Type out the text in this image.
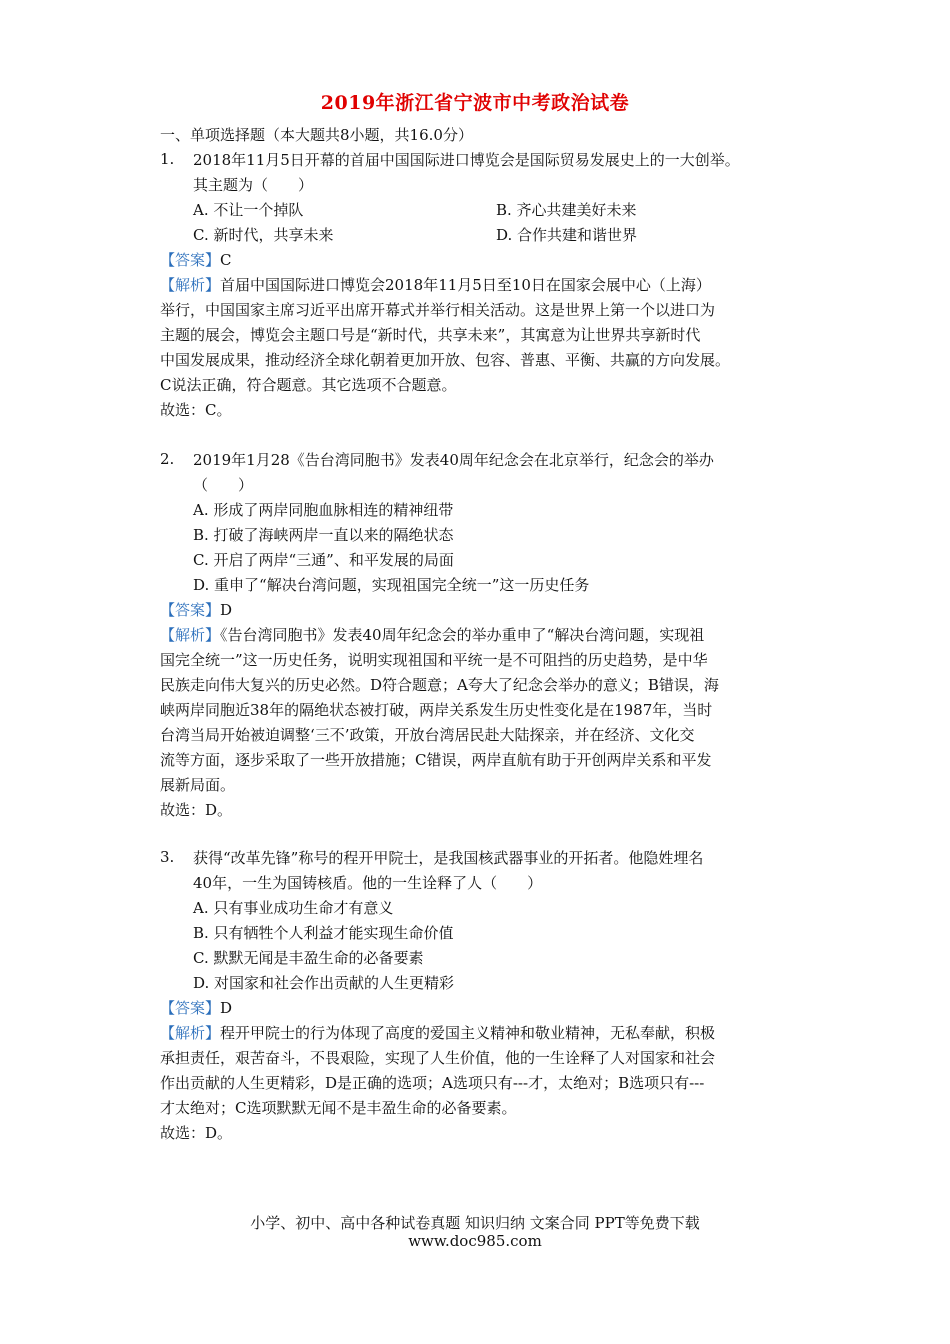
2019年浙江省宁波市中考政治试卷
一、单项选择题（本大题共8小题，共16.0分）
1. 2018年11月5日开幕的首届中国国际进口博览会是国际贸易发展史上的一大创举。
其主题为（　　）
A. 不让一个掉队	B. 齐心共建美好未来
C. 新时代，共享未来	D. 合作共建和谐世界
【答案】C
【解析】首届中国国际进口博览会2018年11月5日至10日在国家会展中心（上海）
举行，中国国家主席习近平出席开幕式并举行相关活动。这是世界上第一个以进口为
主题的展会，博览会主题口号是“新时代，共享未来”，其寓意为让世界共享新时代
中国发展成果，推动经济全球化朝着更加开放、包容、普惠、平衡、共赢的方向发展。
C说法正确，符合题意。其它选项不合题意。
故选：C。
2. 2019年1月28《告台湾同胞书》发表40周年纪念会在北京举行，纪念会的举办
（　　）
A. 形成了两岸同胞血脉相连的精神纽带
B. 打破了海峡两岸一直以来的隔绝状态
C. 开启了两岸“三通”、和平发展的局面
D. 重申了“解决台湾问题，实现祖国完全统一”这一历史任务
【答案】D
【解析】《告台湾同胞书》发表40周年纪念会的举办重申了“解决台湾问题，实现祖
国完全统一”这一历史任务，说明实现祖国和平统一是不可阻挡的历史趋势，是中华
民族走向伟大复兴的历史必然。D符合题意；A夸大了纪念会举办的意义；B错误，海
峡两岸同胞近38年的隔绝状态被打破，两岸关系发生历史性变化是在1987年，当时
台湾当局开始被迫调整‘三不’政策，开放台湾居民赴大陆探亲，并在经济、文化交
流等方面，逐步采取了一些开放措施；C错误，两岸直航有助于开创两岸关系和平发
展新局面。
故选：D。
3. 获得“改革先锋”称号的程开甲院士，是我国核武器事业的开拓者。他隐姓埋名
40年，一生为国铸核盾。他的一生诠释了人（　　）
A. 只有事业成功生命才有意义
B. 只有牺牲个人利益才能实现生命价值
C. 默默无闻是丰盈生命的必备要素
D. 对国家和社会作出贡献的人生更精彩
【答案】D
【解析】程开甲院士的行为体现了高度的爱国主义精神和敬业精神，无私奉献，积极
承担责任，艰苦奋斗，不畏艰险，实现了人生价值，他的一生诠释了人对国家和社会
作出贡献的人生更精彩，D是正确的选项；A选项只有---才，太绝对；B选项只有---
才太绝对；C选项默默无闻不是丰盈生命的必备要素。
故选：D。
小学、初中、高中各种试卷真题 知识归纳 文案合同 PPT等免费下载
www.doc985.com
